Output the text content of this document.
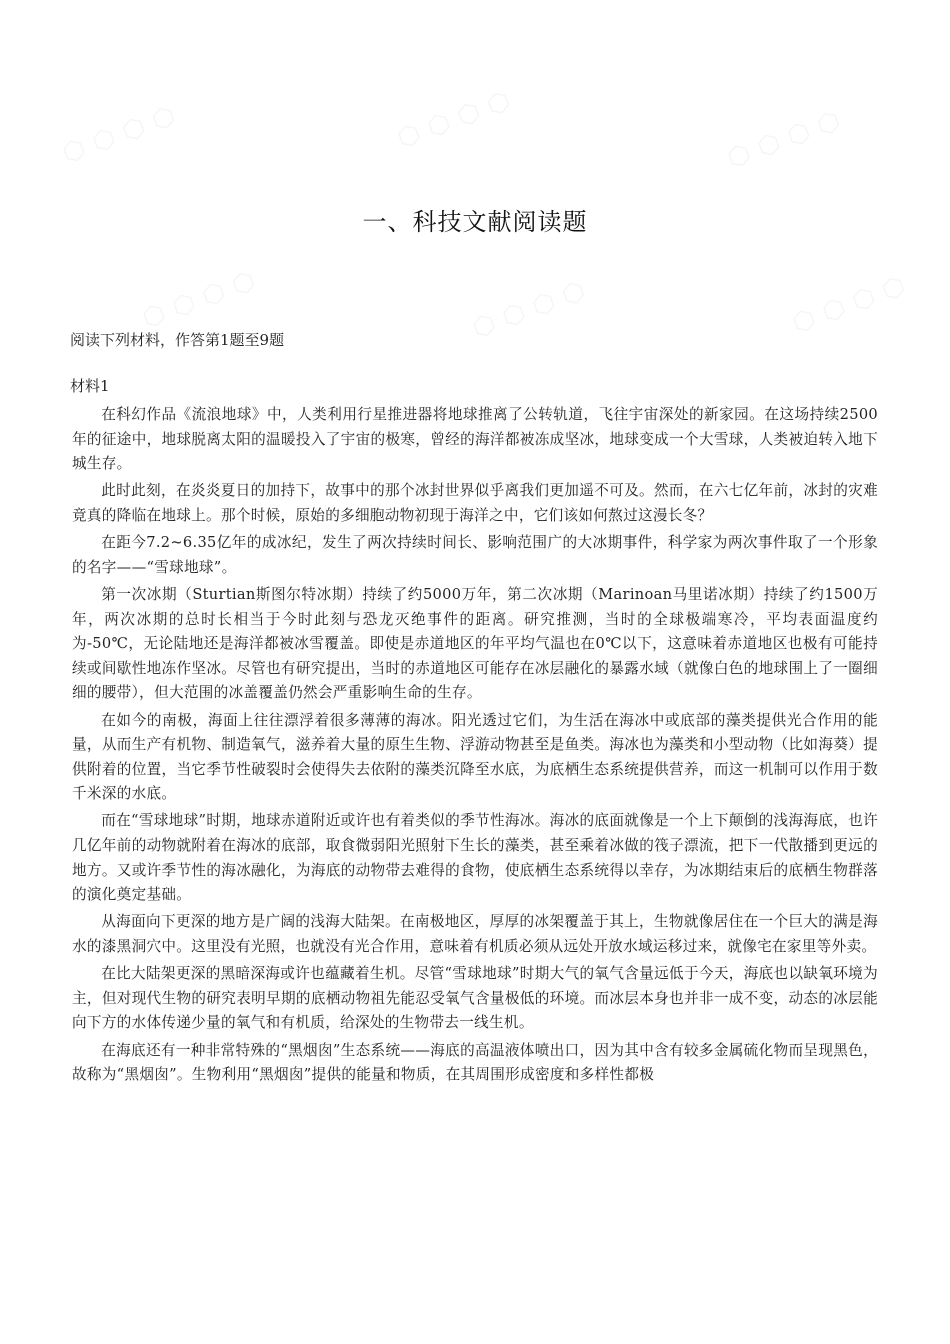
一、科技文献阅读题
阅读下列材料，作答第1题至9题
材料1

在科幻作品《流浪地球》中，人类利用行星推进器将地球推离了公转轨道，飞往宇宙深处的新家园。在这场持续2500年的征途中，地球脱离太阳的温暖投入了宇宙的极寒，曾经的海洋都被冻成坚冰，地球变成一个大雪球，人类被迫转入地下城生存。

此时此刻，在炎炎夏日的加持下，故事中的那个冰封世界似乎离我们更加遥不可及。然而，在六七亿年前，冰封的灾难竟真的降临在地球上。那个时候，原始的多细胞动物初现于海洋之中，它们该如何熬过这漫长冬？

在距今7.2~6.35亿年的成冰纪，发生了两次持续时间长、影响范围广的大冰期事件，科学家为两次事件取了一个形象的名字——“雪球地球”。

第一次冰期（Sturtian斯图尔特冰期）持续了约5000万年，第二次冰期（Marinoan马里诺冰期）持续了约1500万年，两次冰期的总时长相当于今时此刻与恐龙灭绝事件的距离。研究推测，当时的全球极端寒冷，平均表面温度约为-50℃，无论陆地还是海洋都被冰雪覆盖。即使是赤道地区的年平均气温也在0℃以下，这意味着赤道地区也极有可能持续或间歇性地冻作坚冰。尽管也有研究提出，当时的赤道地区可能存在冰层融化的暴露水域（就像白色的地球围上了一圈细细的腰带），但大范围的冰盖覆盖仍然会严重影响生命的生存。

在如今的南极，海面上往往漂浮着很多薄薄的海冰。阳光透过它们，为生活在海冰中或底部的藻类提供光合作用的能量，从而生产有机物、制造氧气，滋养着大量的原生生物、浮游动物甚至是鱼类。海冰也为藻类和小型动物（比如海葵）提供附着的位置，当它季节性破裂时会使得失去依附的藻类沉降至水底，为底栖生态系统提供营养，而这一机制可以作用于数千米深的水底。

而在“雪球地球”时期，地球赤道附近或许也有着类似的季节性海冰。海冰的底面就像是一个上下颠倒的浅海海底，也许几亿年前的动物就附着在海冰的底部，取食微弱阳光照射下生长的藻类，甚至乘着冰做的筏子漂流，把下一代散播到更远的地方。又或许季节性的海冰融化，为海底的动物带去难得的食物，使底栖生态系统得以幸存，为冰期结束后的底栖生物群落的演化奠定基础。

从海面向下更深的地方是广阔的浅海大陆架。在南极地区，厚厚的冰架覆盖于其上，生物就像居住在一个巨大的满是海水的漆黑洞穴中。这里没有光照，也就没有光合作用，意味着有机质必须从远处开放水域运移过来，就像宅在家里等外卖。

在比大陆架更深的黑暗深海或许也蕴藏着生机。尽管“雪球地球”时期大气的氧气含量远低于今天，海底也以缺氧环境为主，但对现代生物的研究表明早期的底栖动物祖先能忍受氧气含量极低的环境。而冰层本身也并非一成不变，动态的冰层能向下方的水体传递少量的氧气和有机质，给深处的生物带去一线生机。

在海底还有一种非常特殊的“黑烟囱”生态系统——海底的高温液体喷出口，因为其中含有较多金属硫化物而呈现黑色，故称为“黑烟囱”。生物利用“黑烟囱”提供的能量和物质，在其周围形成密度和多样性都极
